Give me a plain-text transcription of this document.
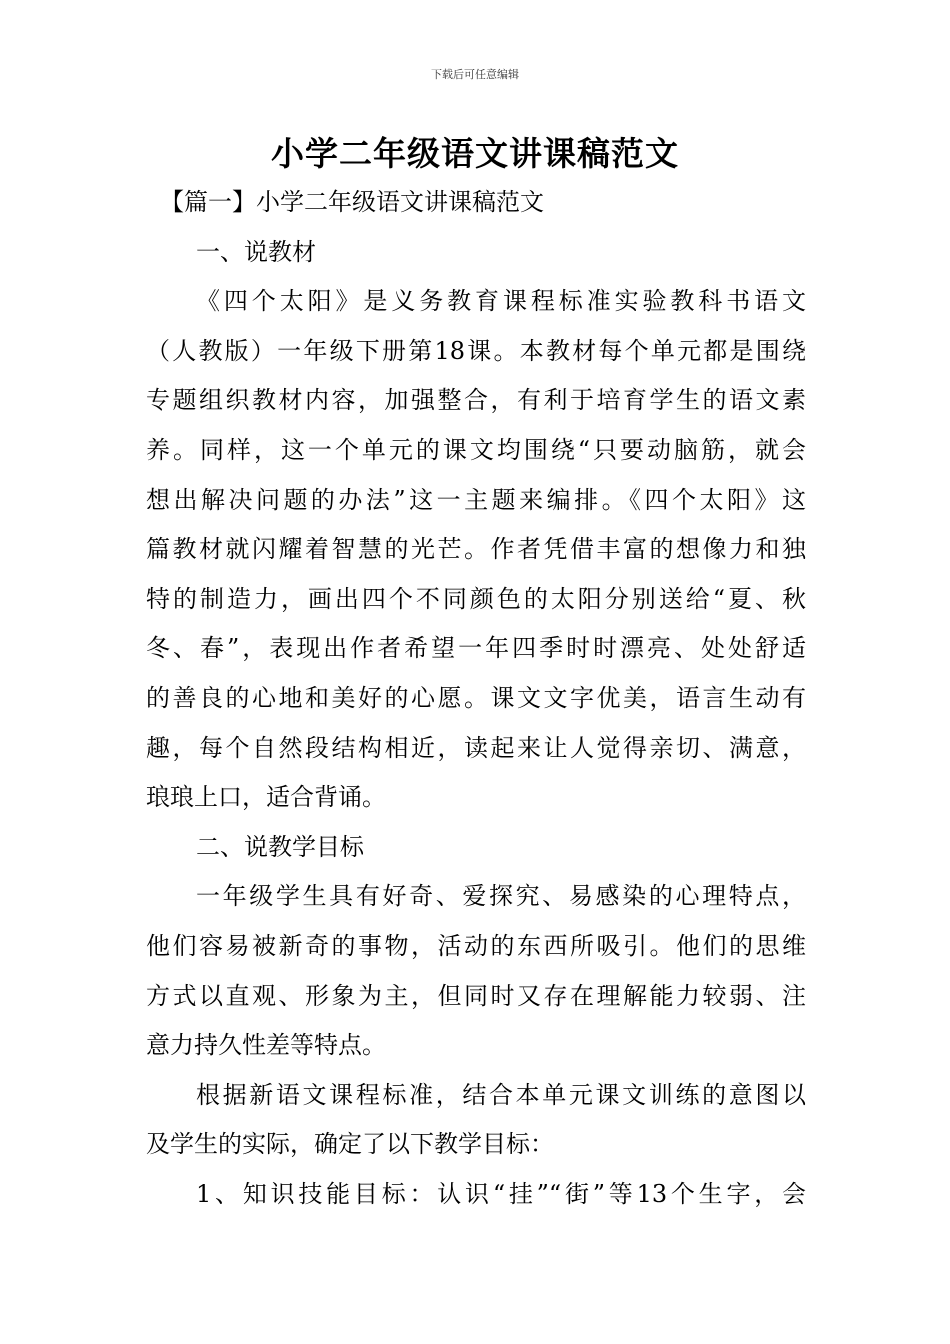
下载后可任意编辑
小学二年级语文讲课稿范文
【篇一】小学二年级语文讲课稿范文
一、说教材
《四个太阳》是义务教育课程标准实验教科书语文
（人教版）一年级下册第18课。本教材每个单元都是围绕
专题组织教材内容，加强整合，有利于培育学生的语文素
养。同样，这一个单元的课文均围绕“只要动脑筋，就会
想出解决问题的办法”这一主题来编排。《四个太阳》这
篇教材就闪耀着智慧的光芒。作者凭借丰富的想像力和独
特的制造力，画出四个不同颜色的太阳分别送给“夏、秋
冬、春”，表现出作者希望一年四季时时漂亮、处处舒适
的善良的心地和美好的心愿。课文文字优美，语言生动有
趣，每个自然段结构相近，读起来让人觉得亲切、满意，
琅琅上口，适合背诵。
二、说教学目标
一年级学生具有好奇、爱探究、易感染的心理特点，
他们容易被新奇的事物，活动的东西所吸引。他们的思维
方式以直观、形象为主，但同时又存在理解能力较弱、注
意力持久性差等特点。
根据新语文课程标准，结合本单元课文训练的意图以
及学生的实际，确定了以下教学目标：
1、知识技能目标：认识“挂”“街”等13个生字，会
